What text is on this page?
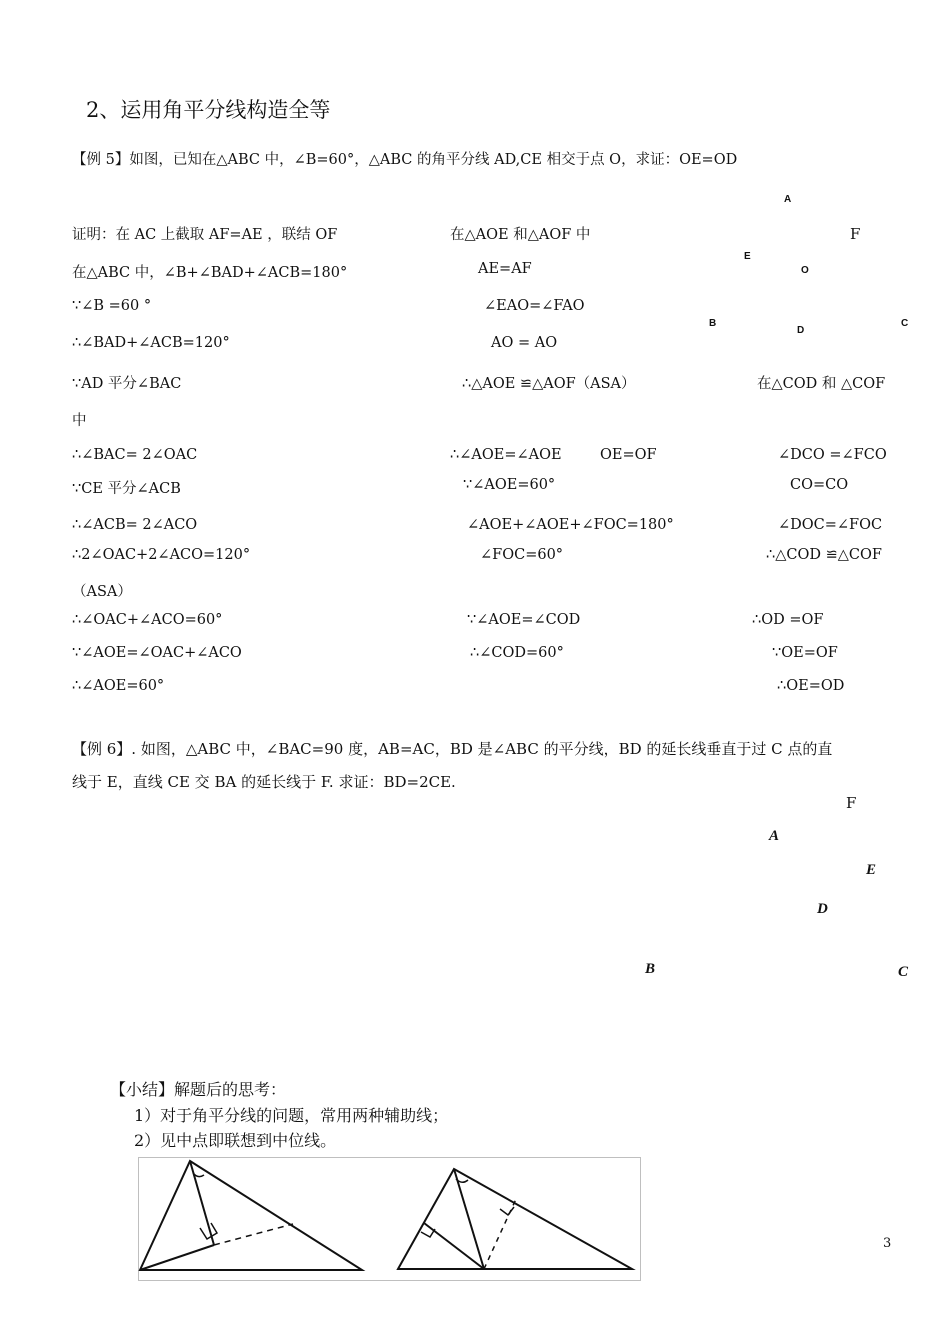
2、运用角平分线构造全等
【例 5】如图，已知在△ABC 中，∠B=60°，△ABC 的角平分线 AD,CE 相交于点 O，求证：OE=OD
A
F
E
O
B
D
C
证明：在 AC 上截取 AF=AE ，联结 OF
在△ABC 中，∠B+∠BAD+∠ACB=180°
∵∠B =60 °
∴∠BAD+∠ACB=120°
∵AD 平分∠BAC
中
∴∠BAC= 2∠OAC
∵CE 平分∠ACB
∴∠ACB= 2∠ACO
∴2∠OAC+2∠ACO=120°
（ASA）
∴∠OAC+∠ACO=60°
∵∠AOE=∠OAC+∠ACO
∴∠AOE=60°
在△AOE 和△AOF 中
AE=AF
∠EAO=∠FAO
AO = AO
∴△AOE ≌△AOF（ASA）
∴∠AOE=∠AOE	OE=OF
∵∠AOE=60°
∠AOE+∠AOE+∠FOC=180°
∠FOC=60°
∵∠AOE=∠COD
∴∠COD=60°
在△COD 和 △COF
∠DCO =∠FCO
CO=CO
∠DOC=∠FOC
∴△COD ≌△COF
∴OD =OF
∵OE=OF
∴OE=OD
【例 6】. 如图，△ABC 中，∠BAC=90 度，AB=AC，BD 是∠ABC 的平分线，BD 的延长线垂直于过 C 点的直
线于 E，直线 CE 交 BA 的延长线于 F. 求证：BD=2CE.
F
A
E
D
B	C
【小结】解题后的思考：
1）对于角平分线的问题，常用两种辅助线；
2）见中点即联想到中位线。
3
